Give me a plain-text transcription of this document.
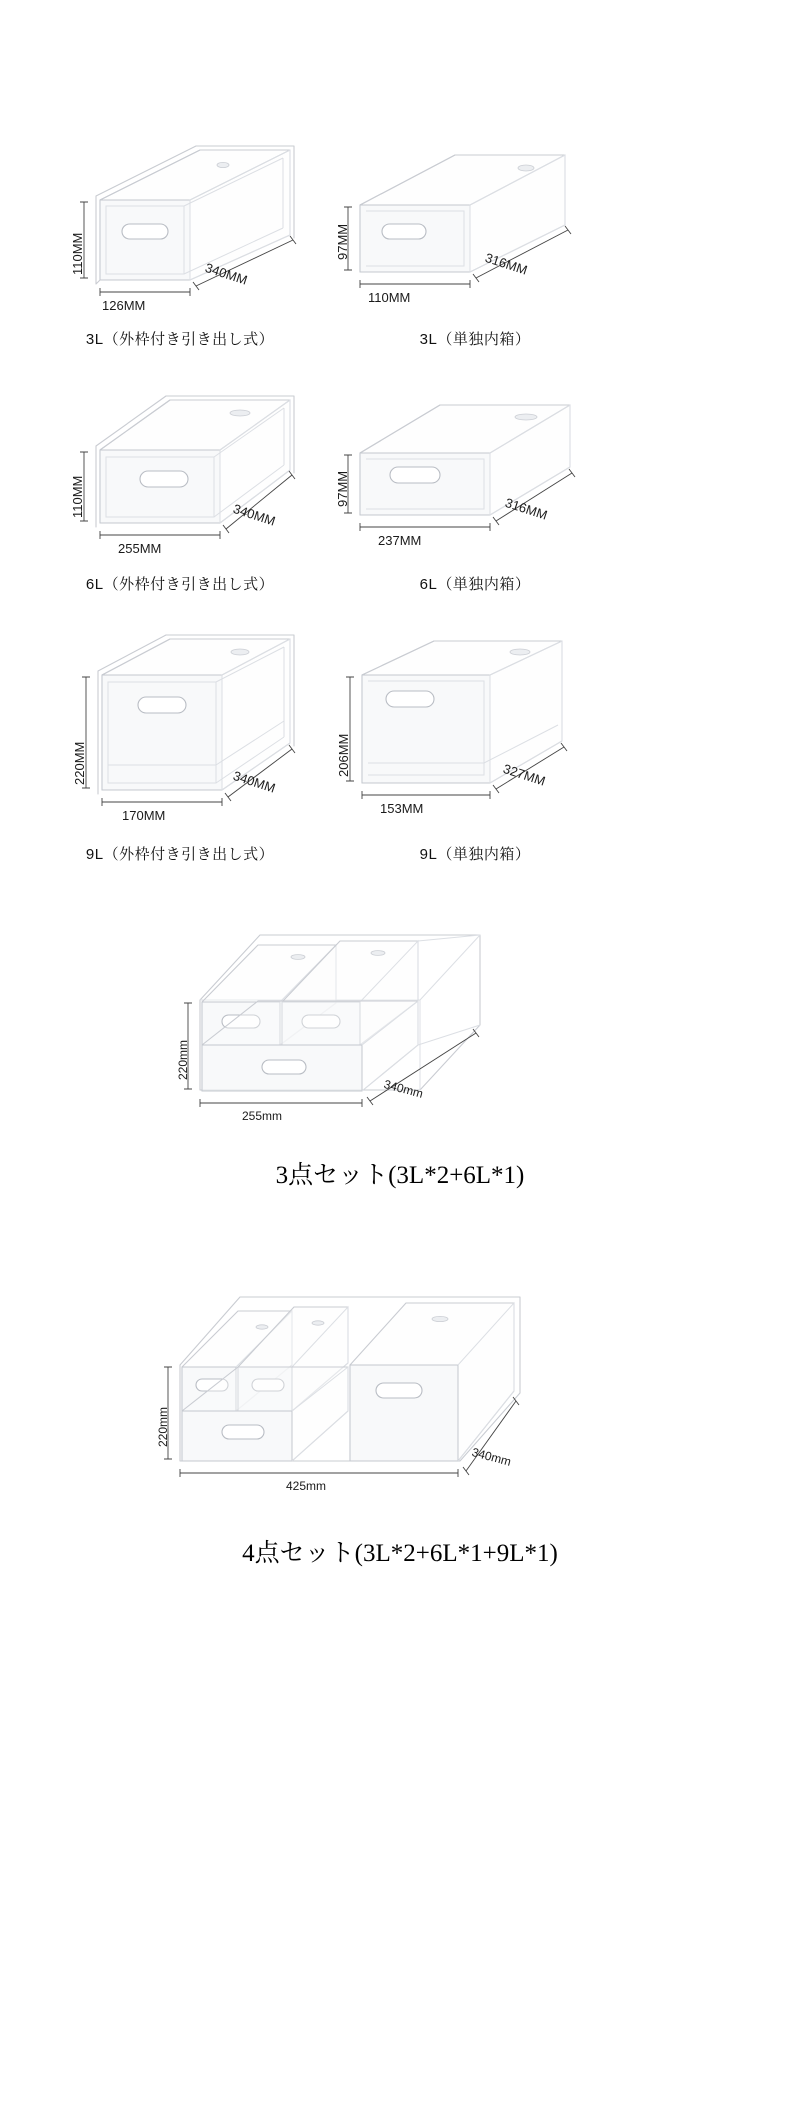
110MM
126MM
340MM
3L（外枠付き引き出し式）
97MM
110MM
316MM
3L（単独内箱）
110MM
255MM
340MM
6L（外枠付き引き出し式）
97MM
237MM
316MM
6L（単独内箱）
220MM
170MM
340MM
9L（外枠付き引き出し式）
206MM
153MM
327MM
9L（単独内箱）
220mm
255mm
340mm
3点セット(3L*2+6L*1)
220mm
425mm
340mm
4点セット(3L*2+6L*1+9L*1)
